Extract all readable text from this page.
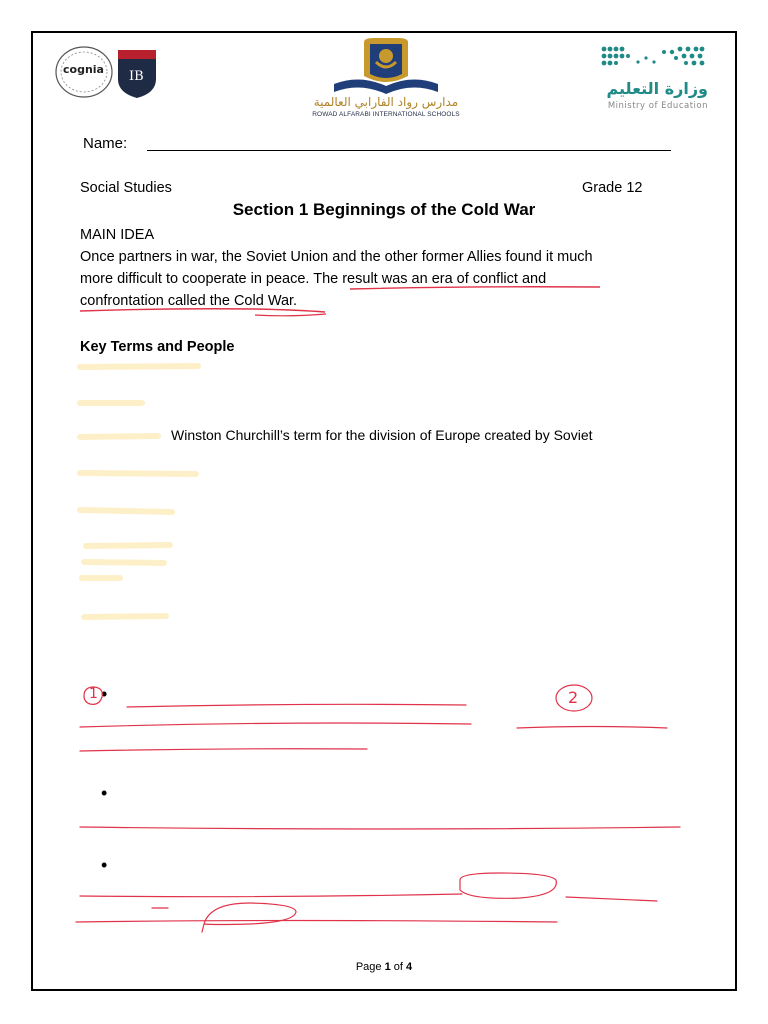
cognia IB
مدارس رواد الفارابي العالمية
ROWAD ALFARABI INTERNATIONAL SCHOOLS
وزارة التعليم
Ministry of Education
Name:
Social Studies	Grade 12
Section 1 Beginnings of the Cold War
MAIN IDEA
Once partners in war, the Soviet Union and the other former Allies found it much
more difficult to cooperate in peace. The result was an era of conflict and
confrontation called the Cold War.
Key Terms and People
Winston Churchill’s term for the division of Europe created by Soviet
•
•
•
1	2
Page 1 of 4
